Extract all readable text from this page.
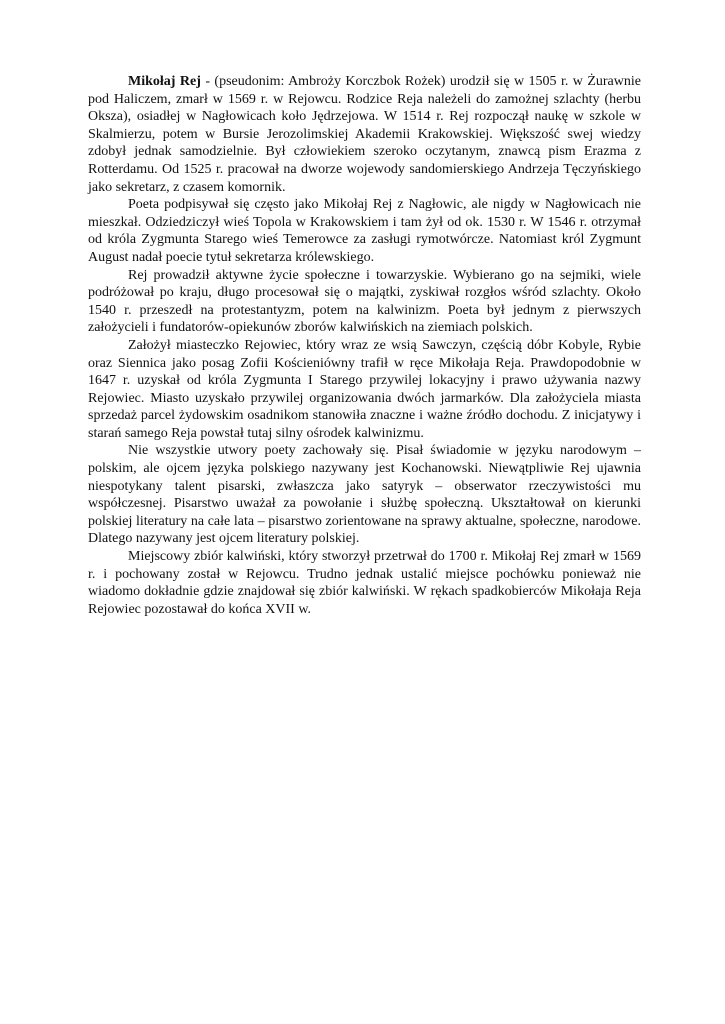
Mikołaj Rej - (pseudonim: Ambroży Korczbok Rożek) urodził się w 1505 r. w Żurawnie pod Haliczem, zmarł w 1569 r. w Rejowcu. Rodzice Reja należeli do zamożnej szlachty (herbu Oksza), osiadłej w Nagłowicach koło Jędrzejowa. W 1514 r. Rej rozpoczął naukę w szkole w Skalmierzu, potem w Bursie Jerozolimskiej Akademii Krakowskiej. Większość swej wiedzy zdobył jednak samodzielnie. Był człowiekiem szeroko oczytanym, znawcą pism Erazma z Rotterdamu. Od 1525 r. pracował na dworze wojewody sandomierskiego Andrzeja Tęczyńskiego jako sekretarz, z czasem komornik.

Poeta podpisywał się często jako Mikołaj Rej z Nagłowic, ale nigdy w Nagłowicach nie mieszkał. Odziedziczył wieś Topola w Krakowskiem i tam żył od ok. 1530 r. W 1546 r. otrzymał od króla Zygmunta Starego wieś Temerowce za zasługi rymotwórcze. Natomiast król Zygmunt August nadał poecie tytuł sekretarza królewskiego.

Rej prowadził aktywne życie społeczne i towarzyskie. Wybierano go na sejmiki, wiele podróżował po kraju, długo procesował się o majątki, zyskiwał rozgłos wśród szlachty. Około 1540 r. przeszedł na protestantyzm, potem na kalwinizm. Poeta był jednym z pierwszych założycieli i fundatorów-opiekunów zborów kalwińskich na ziemiach polskich.

Założył miasteczko Rejowiec, który wraz ze wsią Sawczyn, częścią dóbr Kobyle, Rybie oraz Siennica jako posag Zofii Kościeniówny trafił w ręce Mikołaja Reja. Prawdopodobnie w 1647 r. uzyskał od króla Zygmunta I Starego przywilej lokacyjny i prawo używania nazwy Rejowiec. Miasto uzyskało przywilej organizowania dwóch jarmarków. Dla założyciela miasta sprzedaż parcel żydowskim osadnikom stanowiła znaczne i ważne źródło dochodu. Z inicjatywy i starań samego Reja powstał tutaj silny ośrodek kalwinizmu.

Nie wszystkie utwory poety zachowały się. Pisał świadomie w języku narodowym – polskim, ale ojcem języka polskiego nazywany jest Kochanowski. Niewątpliwie Rej ujawnia niespotykany talent pisarski, zwłaszcza jako satyryk – obserwator rzeczywistości mu współczesnej. Pisarstwo uważał za powołanie i służbę społeczną. Ukształtował on kierunki polskiej literatury na całe lata – pisarstwo zorientowane na sprawy aktualne, społeczne, narodowe. Dlatego nazywany jest ojcem literatury polskiej.

Miejscowy zbiór kalwiński, który stworzył przetrwał do 1700 r. Mikołaj Rej zmarł w 1569 r. i pochowany został w Rejowcu. Trudno jednak ustalić miejsce pochówku ponieważ nie wiadomo dokładnie gdzie znajdował się zbiór kalwiński. W rękach spadkobierców Mikołaja Reja Rejowiec pozostawał do końca XVII w.
